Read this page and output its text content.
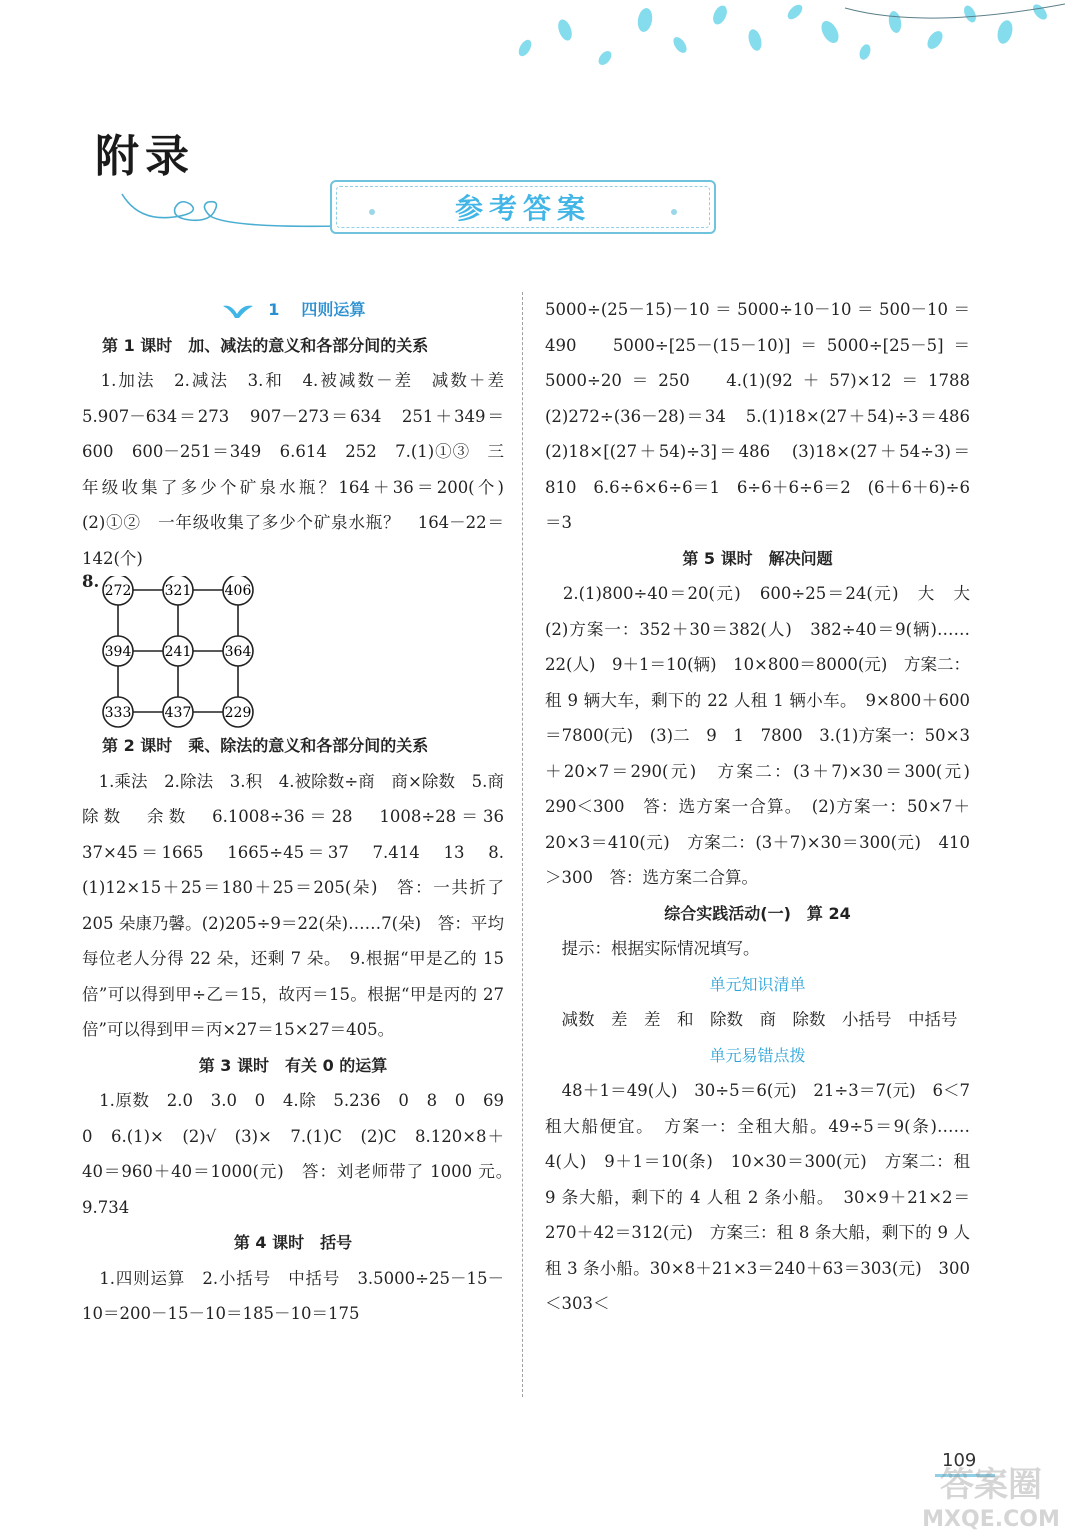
附录
参考答案

1 四则运算

第 1 课时　加、减法的意义和各部分间的关系

　1.加法　2.减法　3.和　4.被减数－差　减数＋差　5.907－634＝273　907－273＝634　251＋349＝600　600－251＝349　6.614　252　7.(1)①③　三年级收集了多少个矿泉水瓶？164＋36＝200(个)　(2)①②　一年级收集了多少个矿泉水瓶？　164－22＝142(个)

8. 272 321 406
394 241 364
333 437 229

第 2 课时　乘、除法的意义和各部分间的关系

　1.乘法　2.除法　3.积　4.被除数÷商　商×除数　5.商　除数　余数　6.1008÷36＝28　1008÷28＝36　37×45＝1665　1665÷45＝37　7.414　13　8.(1)12×15＋25＝180＋25＝205(朵)　答：一共折了 205 朵康乃馨。(2)205÷9＝22(朵)……7(朵)　答：平均每位老人分得 22 朵，还剩 7 朵。　9.根据“甲是乙的 15 倍”可以得到甲÷乙＝15，故丙＝15。根据“甲是丙的 27 倍”可以得到甲＝丙×27＝15×27＝405。

第 3 课时　有关 0 的运算

　1.原数　2.0　3.0　0　4.除　5.236　0　8　0　69　0　6.(1)×　(2)√　(3)×　7.(1)C　(2)C　8.120×8＋40＝960＋40＝1000(元)　答：刘老师带了 1000 元。　9.734

第 4 课时　括号

　1.四则运算　2.小括号　中括号　3.5000÷25－15－10＝200－15－10＝185－10＝175

5000÷(25－15)－10＝5000÷10－10＝500－10＝490　5000÷[25－(15－10)]＝5000÷[25－5]＝5000÷20＝250　4.(1)(92＋57)×12＝1788　(2)272÷(36－28)＝34　5.(1)18×(27＋54)÷3＝486　(2)18×[(27＋54)÷3]＝486　(3)18×(27＋54÷3)＝810　6.6÷6×6÷6＝1　6÷6＋6÷6＝2　(6＋6＋6)÷6＝3

第 5 课时　解决问题

　2.(1)800÷40＝20(元)　600÷25＝24(元)　大　大　(2)方案一：352＋30＝382(人)　382÷40＝9(辆)……22(人)　9＋1＝10(辆)　10×800＝8000(元)　方案二：租 9 辆大车，剩下的 22 人租 1 辆小车。　9×800＋600＝7800(元)　(3)二　9　1　7800　3.(1)方案一：50×3＋20×7＝290(元)　方案二：(3＋7)×30＝300(元)　290＜300　答：选方案一合算。　(2)方案一：50×7＋20×3＝410(元)　方案二：(3＋7)×30＝300(元)　410＞300　答：选方案二合算。

综合实践活动(一)　算 24

　提示：根据实际情况填写。

单元知识清单

　减数　差　差　和　除数　商　除数　小括号　中括号

单元易错点拨

　48＋1＝49(人)　30÷5＝6(元)　21÷3＝7(元)　6＜7　租大船便宜。　方案一：全租大船。49÷5＝9(条)……4(人)　9＋1＝10(条)　10×30＝300(元)　方案二：租 9 条大船，剩下的 4 人租 2 条小船。　30×9＋21×2＝270＋42＝312(元)　方案三：租 8 条大船，剩下的 9 人租 3 条小船。30×8＋21×3＝240＋63＝303(元)　300＜303＜

109
答案圈
MXQE.COM
